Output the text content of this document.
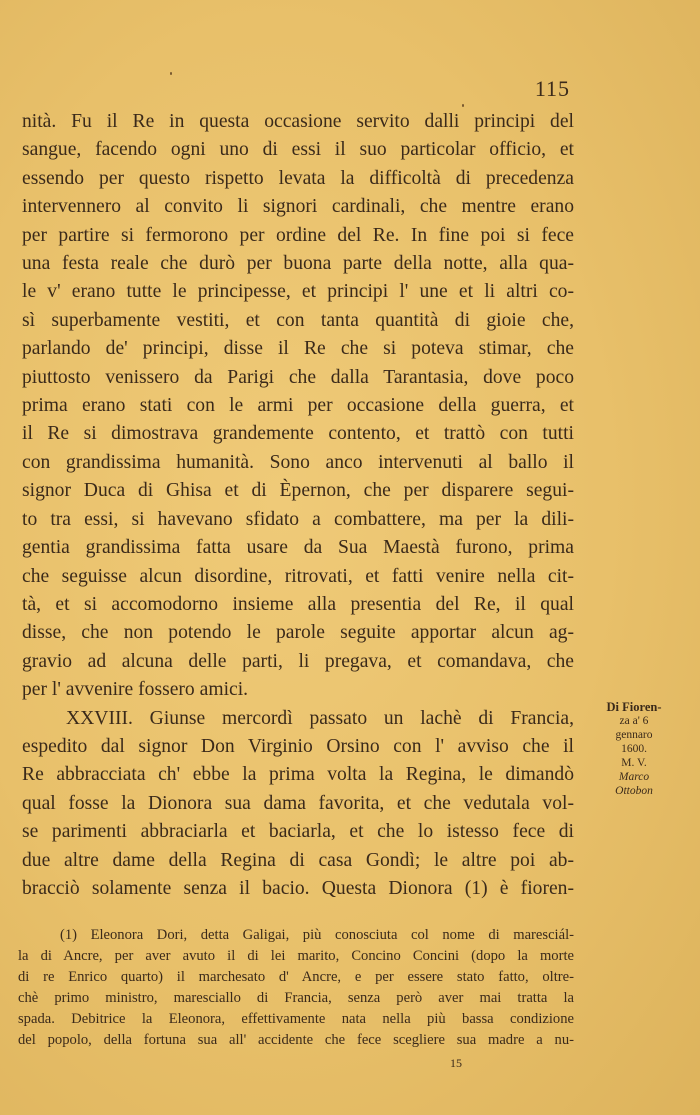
115

nità. Fu il Re in questa occasione servito dalli principi del
sangue, facendo ogni uno di essi il suo particolar officio, et
essendo per questo rispetto levata la difficoltà di precedenza
intervennero al convito li signori cardinali, che mentre erano
per partire si fermorono per ordine del Re. In fine poi si fece
una festa reale che durò per buona parte della notte, alla qua-
le v' erano tutte le principesse, et principi l' une et li altri co-
sì superbamente vestiti, et con tanta quantità di gioie che,
parlando de' principi, disse il Re che si poteva stimar, che
piuttosto venissero da Parigi che dalla Tarantasia, dove poco
prima erano stati con le armi per occasione della guerra, et
il Re si dimostrava grandemente contento, et trattò con tutti
con grandissima humanità. Sono anco intervenuti al ballo il
signor Duca di Ghisa et di Èpernon, che per disparere segui-
to tra essi, si havevano sfidato a combattere, ma per la dili-
gentia grandissima fatta usare da Sua Maestà furono, prima
che seguisse alcun disordine, ritrovati, et fatti venire nella cit-
tà, et si accomodorno insieme alla presentia del Re, il qual
disse, che non potendo le parole seguite apportar alcun ag-
gravio ad alcuna delle parti, li pregava, et comandava, che
per l' avvenire fossero amici.

XXVIII. Giunse mercordì passato un lachè di Francia,
espedito dal signor Don Virginio Orsino con l' avviso che il
Re abbracciata ch' ebbe la prima volta la Regina, le dimandò
qual fosse la Dionora sua dama favorita, et che vedutala vol-
se parimenti abbraciarla et baciarla, et che lo istesso fece di
due altre dame della Regina di casa Gondì; le altre poi ab-
bracciò solamente senza il bacio. Questa Dionora (1) è fioren-

Di Fioren-
za a' 6
gennaro
1600.
M. V.
Marco
Ottobon
(1) Eleonora Dori, detta Galigai, più conosciuta col nome di maresciál-
la di Ancre, per aver avuto il di lei marito, Concino Concini (dopo la morte
di re Enrico quarto) il marchesato d' Ancre, e per essere stato fatto, oltre-
chè primo ministro, maresciallo di Francia, senza però aver mai tratta la
spada. Debitrice la Eleonora, effettivamente nata nella più bassa condizione
del popolo, della fortuna sua all' accidente che fece scegliere sua madre a nu-
15
